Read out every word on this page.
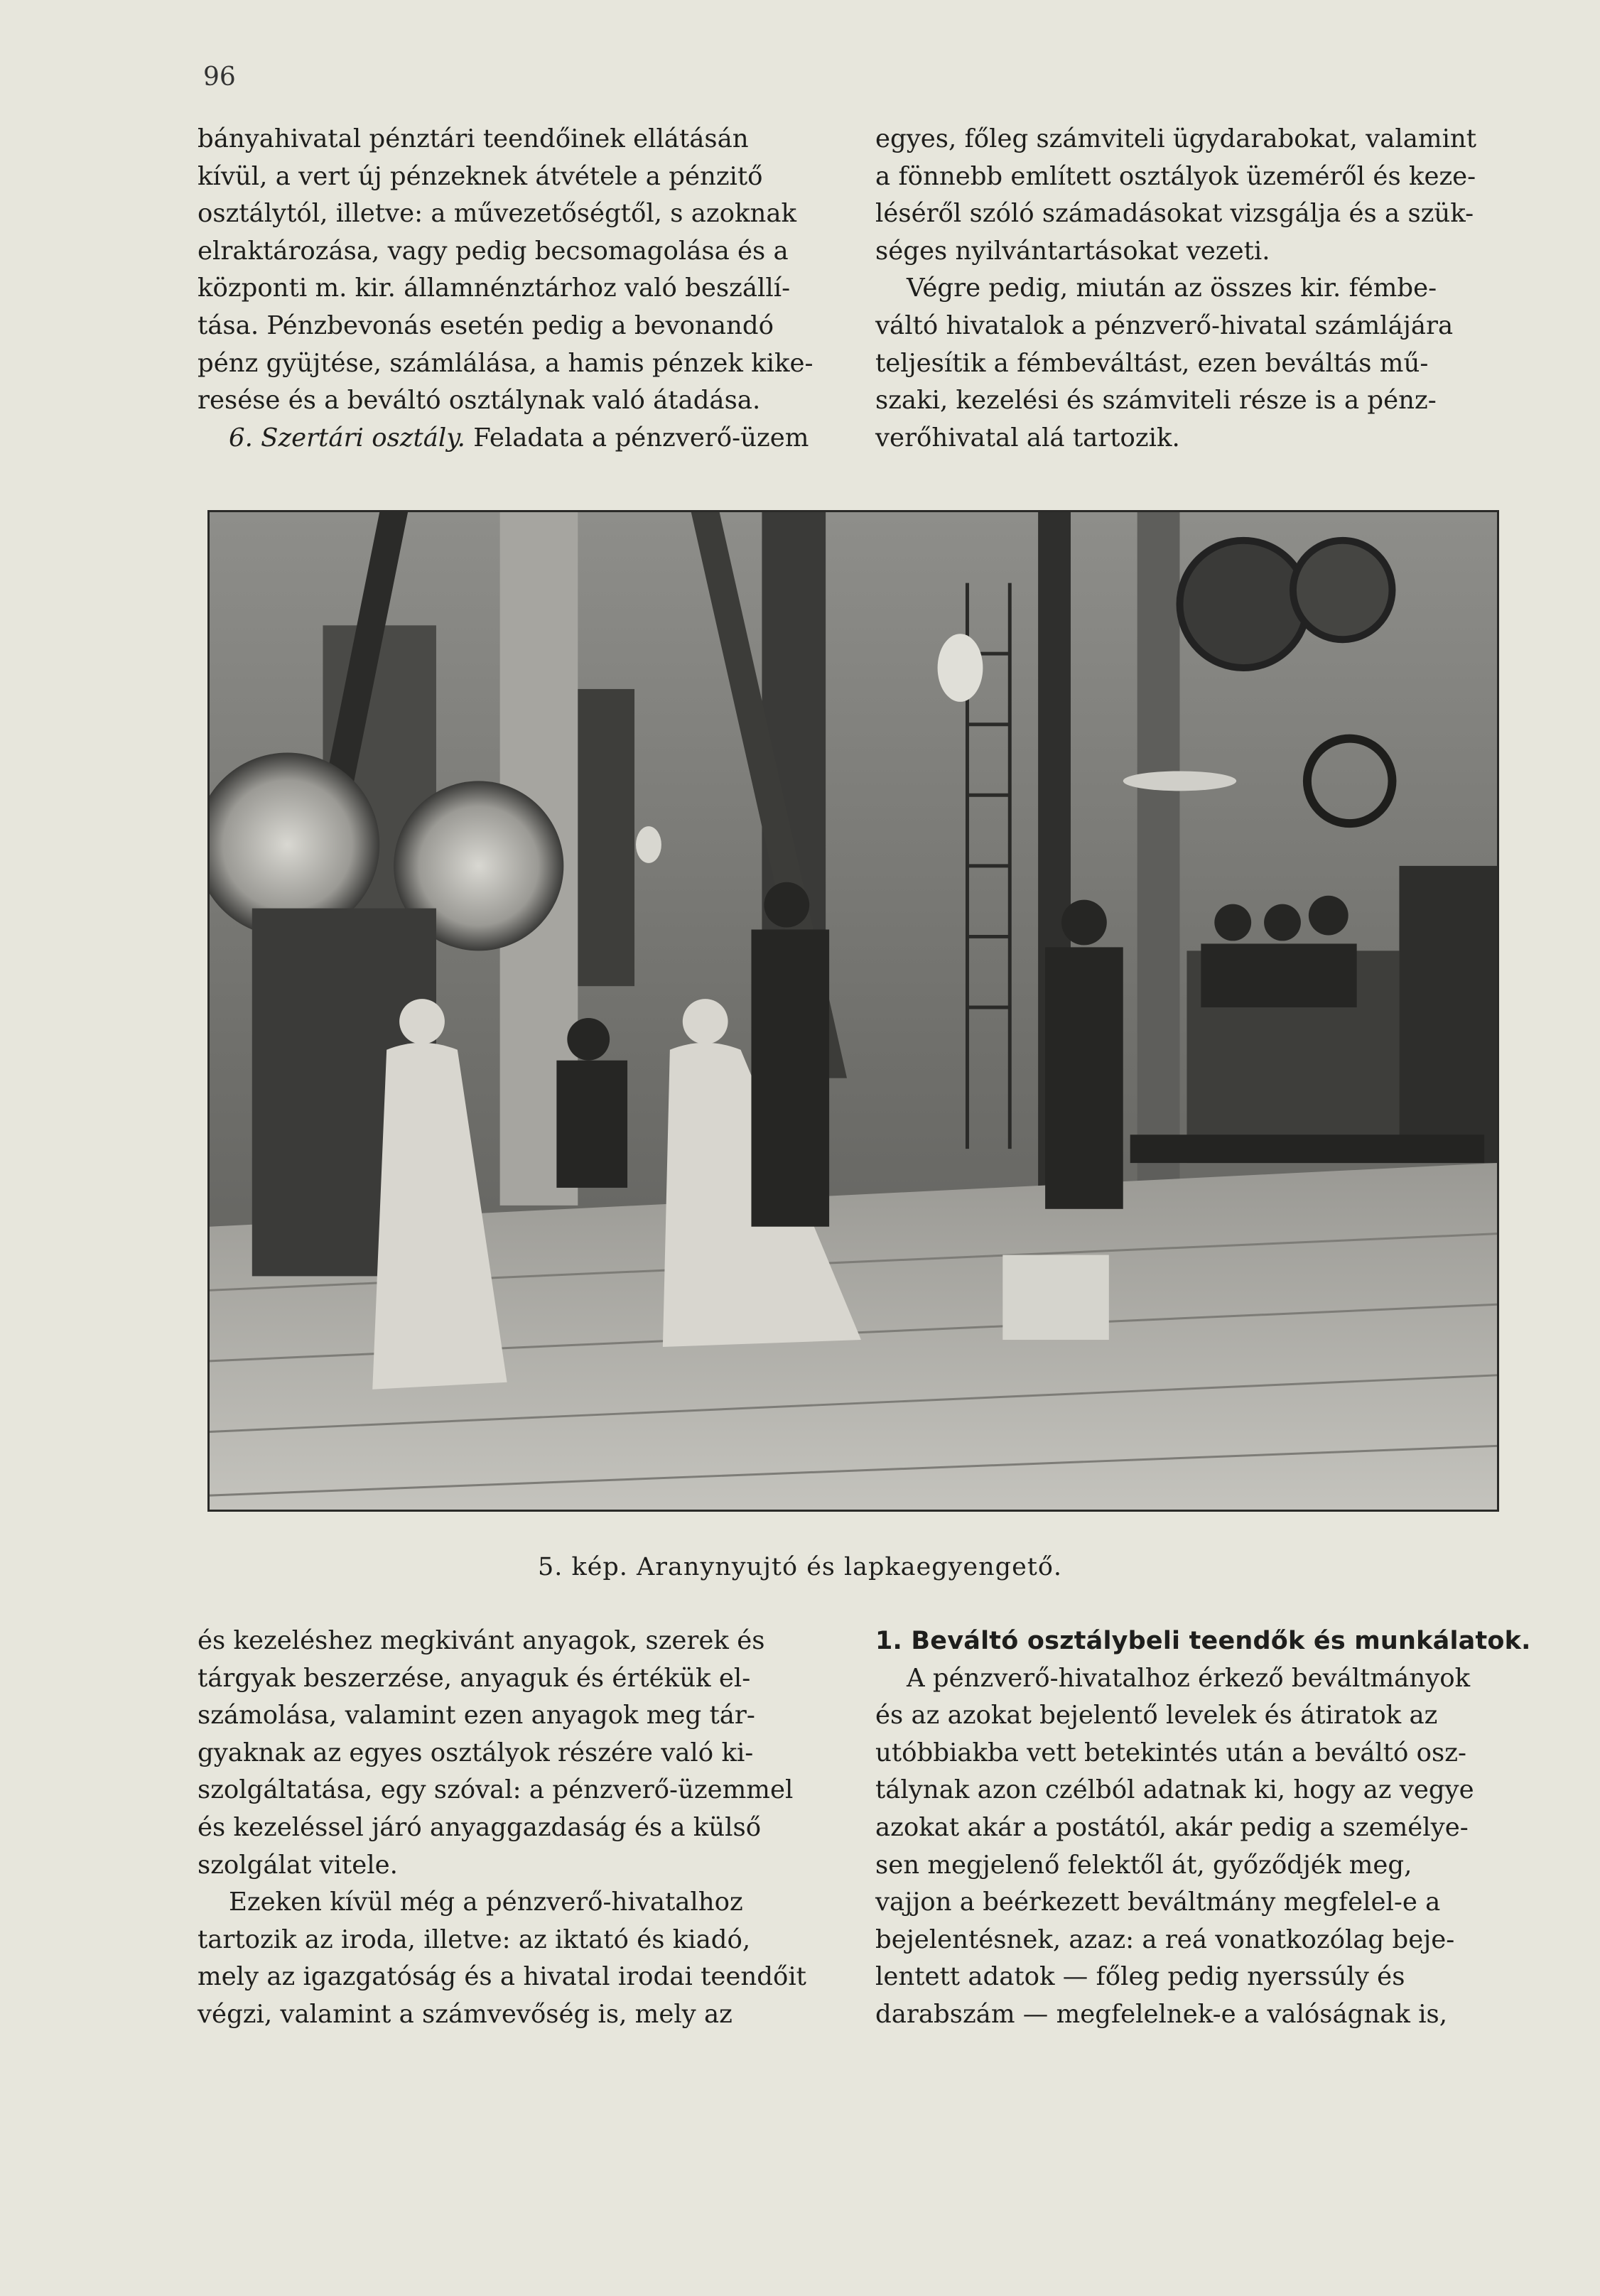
96
bányahivatal pénztári teendőinek ellátásán
kívül, a vert új pénzeknek átvétele a pénzitő
osztálytól, illetve: a művezetőségtől, s azoknak
elraktározása, vagy pedig becsomagolása és a
központi m. kir. államnénztárhoz való beszállí-
tása. Pénzbevonás esetén pedig a bevonandó
pénz gyüjtése, számlálása, a hamis pénzek kike-
resése és a beváltó osztálynak való átadása.
6. Szertári osztály. Feladata a pénzverő-üzem
egyes, főleg számviteli ügydarabokat, valamint
a fönnebb említett osztályok üzeméről és keze-
léséről szóló számadásokat vizsgálja és a szük-
séges nyilvántartásokat vezeti.
Végre pedig, miután az összes kir. fémbe-
váltó hivatalok a pénzverő-hivatal számlájára
teljesítik a fémbeváltást, ezen beváltás mű-
szaki, kezelési és számviteli része is a pénz-
verőhivatal alá tartozik.
5. kép. Aranynyujtó és lapkaegyengető.
és kezeléshez megkivánt anyagok, szerek és
tárgyak beszerzése, anyaguk és értékük el-
számolása, valamint ezen anyagok meg tár-
gyaknak az egyes osztályok részére való ki-
szolgáltatása, egy szóval: a pénzverő-üzemmel
és kezeléssel járó anyaggazdaság és a külső
szolgálat vitele.
Ezeken kívül még a pénzverő-hivatalhoz
tartozik az iroda, illetve: az iktató és kiadó,
mely az igazgatóság és a hivatal irodai teendőit
végzi, valamint a számvevőség is, mely az
1. Beváltó osztálybeli teendők és munkálatok.
A pénzverő-hivatalhoz érkező beváltmányok
és az azokat bejelentő levelek és átiratok az
utóbbiakba vett betekintés után a beváltó osz-
tálynak azon czélból adatnak ki, hogy az vegye
azokat akár a postától, akár pedig a személye-
sen megjelenő felektől át, győződjék meg,
vajjon a beérkezett beváltmány megfelel-e a
bejelentésnek, azaz: a reá vonatkozólag beje-
lentett adatok — főleg pedig nyerssúly és
darabszám — megfelelnek-e a valóságnak is,
